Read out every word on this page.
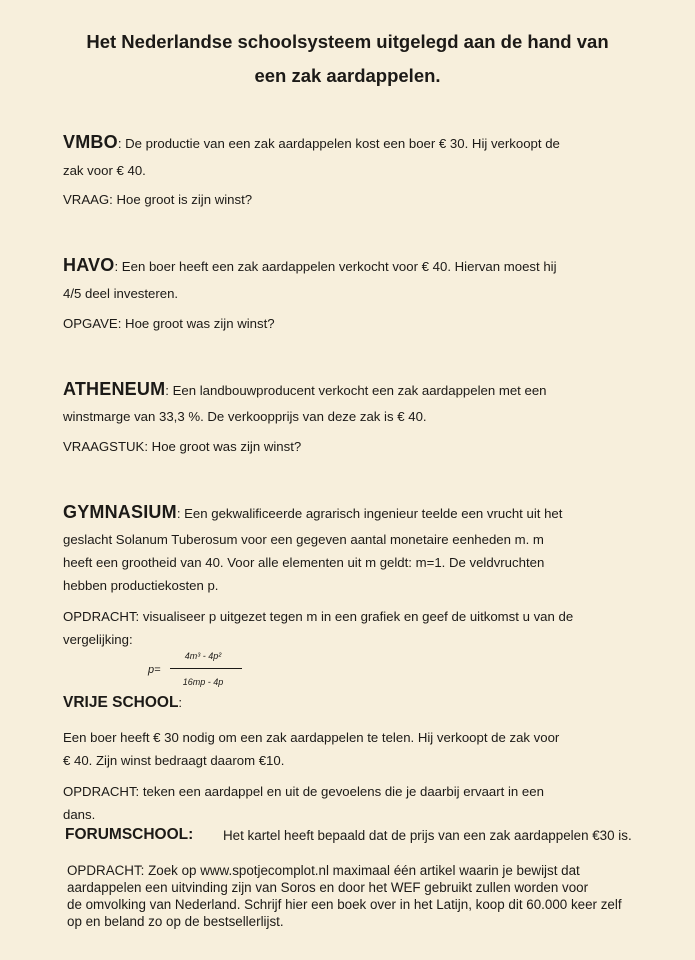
Het Nederlandse schoolsysteem uitgelegd aan de hand van
een zak aardappelen.
VMBO: De productie van een zak aardappelen kost een boer € 30. Hij verkoopt de
zak voor € 40.
VRAAG: Hoe groot is zijn winst?
HAVO: Een boer heeft een zak aardappelen verkocht voor € 40. Hiervan moest hij
4/5 deel investeren.
OPGAVE: Hoe groot was zijn winst?
ATHENEUM: Een landbouwproducent verkocht een zak aardappelen met een
winstmarge van 33,3 %. De verkoopprijs van deze zak is € 40.
VRAAGSTUK: Hoe groot was zijn winst?
GYMNASIUM: Een gekwalificeerde agrarisch ingenieur teelde een vrucht uit het
geslacht Solanum Tuberosum voor een gegeven aantal monetaire eenheden m. m
heeft een grootheid van 40. Voor alle elementen uit m geldt: m=1. De veldvruchten
hebben productiekosten p.
OPDRACHT: visualiseer p uitgezet tegen m in een grafiek en geef de uitkomst u van de
vergelijking:
p=
4m³ - 4p²
16mp - 4p
VRIJE SCHOOL:
Een boer heeft € 30 nodig om een zak aardappelen te telen. Hij verkoopt de zak voor
€ 40. Zijn winst bedraagt daarom €10.
OPDRACHT: teken een aardappel en uit de gevoelens die je daarbij ervaart in een
dans.
FORUMSCHOOL: Het kartel heeft bepaald dat de prijs van een zak aardappelen €30 is.
OPDRACHT: Zoek op www.spotjecomplot.nl maximaal één artikel waarin je bewijst dat
aardappelen een uitvinding zijn van Soros en door het WEF gebruikt zullen worden voor
de omvolking van Nederland. Schrijf hier een boek over in het Latijn, koop dit 60.000 keer zelf
op en beland zo op de bestsellerlijst.
